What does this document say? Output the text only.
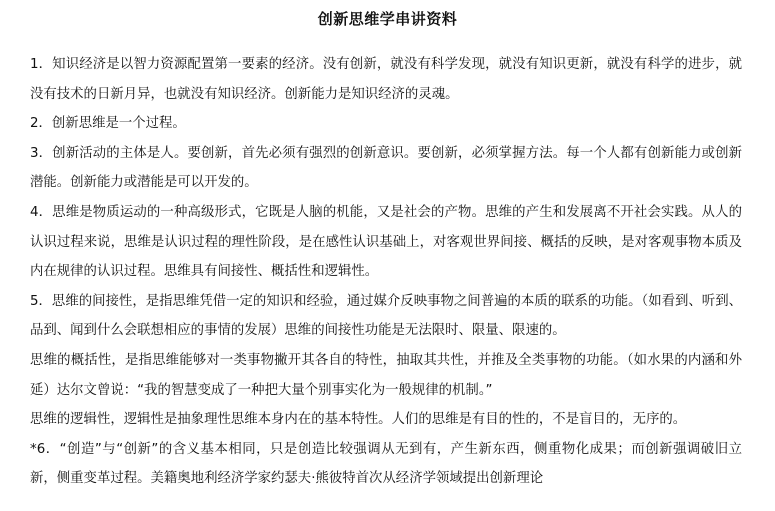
创新思维学串讲资料

1．知识经济是以智力资源配置第一要素的经济。没有创新，就没有科学发现，就没有知识更新，就没有科学的进步，就没有技术的日新月异，也就没有知识经济。创新能力是知识经济的灵魂。

2．创新思维是一个过程。

3．创新活动的主体是人。要创新，首先必须有强烈的创新意识。要创新，必须掌握方法。每一个人都有创新能力或创新潜能。创新能力或潜能是可以开发的。

4．思维是物质运动的一种高级形式，它既是人脑的机能，又是社会的产物。思维的产生和发展离不开社会实践。从人的认识过程来说，思维是认识过程的理性阶段，是在感性认识基础上，对客观世界间接、概括的反映，是对客观事物本质及内在规律的认识过程。思维具有间接性、概括性和逻辑性。

5．思维的间接性，是指思维凭借一定的知识和经验，通过媒介反映事物之间普遍的本质的联系的功能。（如看到、听到、品到、闻到什么会联想相应的事情的发展）思维的间接性功能是无法限时、限量、限速的。

思维的概括性，是指思维能够对一类事物撇开其各自的特性，抽取其共性，并推及全类事物的功能。（如水果的内涵和外延）达尔文曾说：“我的智慧变成了一种把大量个别事实化为一般规律的机制。”

思维的逻辑性，逻辑性是抽象理性思维本身内在的基本特性。人们的思维是有目的性的，不是盲目的，无序的。

*6．“创造”与“创新”的含义基本相同，只是创造比较强调从无到有，产生新东西，侧重物化成果；而创新强调破旧立新，侧重变革过程。美籍奥地利经济学家约瑟夫·熊彼特首次从经济学领域提出创新理论
